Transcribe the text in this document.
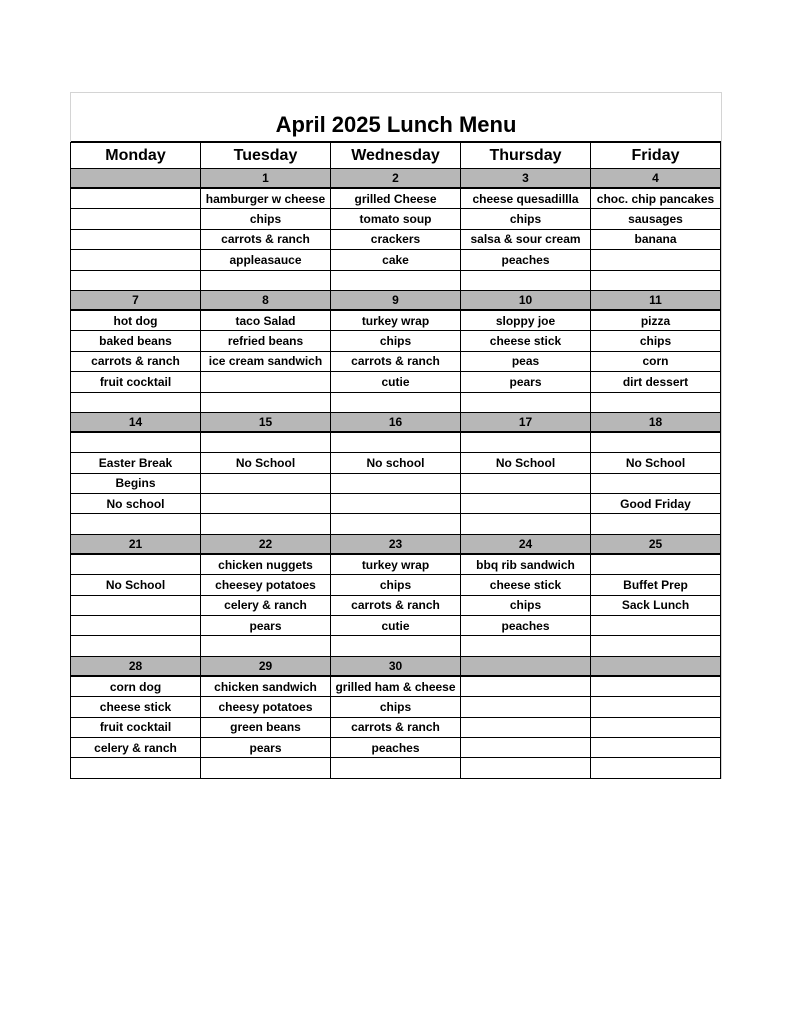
April 2025 Lunch Menu
Monday	Tuesday	Wednesday	Thursday	Friday
	1	2	3	4
	hamburger w cheese	grilled Cheese	cheese quesadillla	choc. chip pancakes
	chips	tomato soup	chips	sausages
	carrots & ranch	crackers	salsa & sour cream	banana
	appleasauce	cake	peaches	

7	8	9	10	11
hot dog	taco Salad	turkey wrap	sloppy joe	pizza
baked beans	refried beans	chips	cheese stick	chips
carrots & ranch	ice cream sandwich	carrots & ranch	peas	corn
fruit cocktail		cutie	pears	dirt dessert

14	15	16	17	18

Easter Break	No School	No school	No School	No School
Begins				
No school				Good Friday

21	22	23	24	25
	chicken nuggets	turkey wrap	bbq rib sandwich	
No School	cheesey potatoes	chips	cheese stick	Buffet Prep
	celery & ranch	carrots & ranch	chips	Sack Lunch
	pears	cutie	peaches	

28	29	30		
corn dog	chicken sandwich	grilled ham & cheese		
cheese stick	cheesy potatoes	chips		
fruit cocktail	green beans	carrots & ranch		
celery & ranch	pears	peaches		
